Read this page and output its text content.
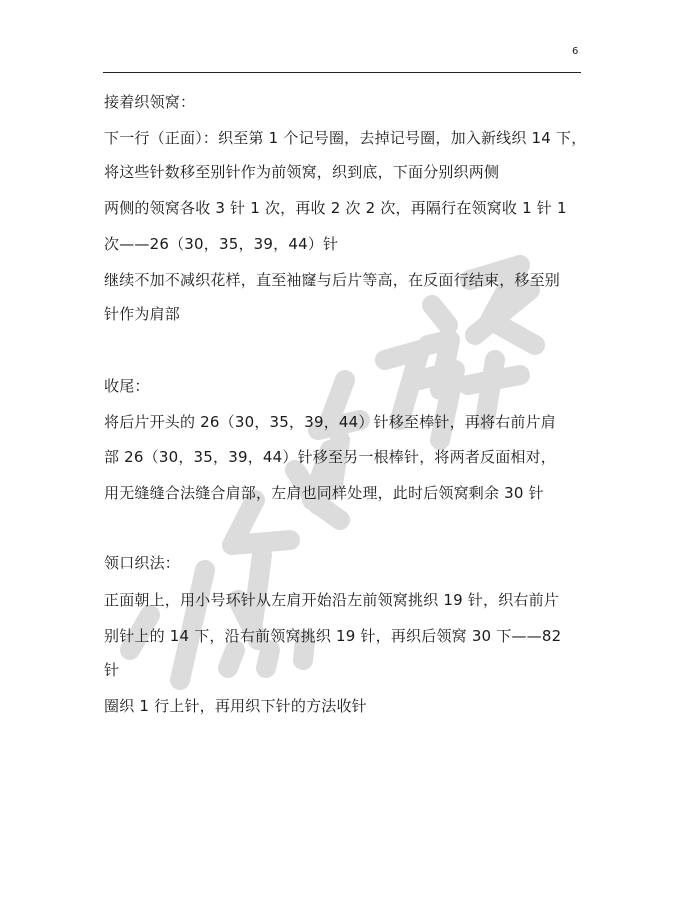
6
接着织领窝：
下一行（正面）：织至第 1 个记号圈，去掉记号圈，加入新线织 14 下，
将这些针数移至别针作为前领窝，织到底，下面分别织两侧
两侧的领窝各收 3 针 1 次，再收 2 次 2 次，再隔行在领窝收 1 针 1
次——26（30，35，39，44）针
继续不加不减织花样，直至袖窿与后片等高，在反面行结束，移至别
针作为肩部
收尾：
将后片开头的 26（30，35，39，44）针移至棒针，再将右前片肩
部 26（30，35，39，44）针移至另一根棒针，将两者反面相对，
用无缝缝合法缝合肩部，左肩也同样处理，此时后领窝剩余 30 针
领口织法：
正面朝上，用小号环针从左肩开始沿左前领窝挑织 19 针，织右前片
别针上的 14 下，沿右前领窝挑织 19 针，再织后领窝 30 下——82
针
圈织 1 行上针，再用织下针的方法收针
